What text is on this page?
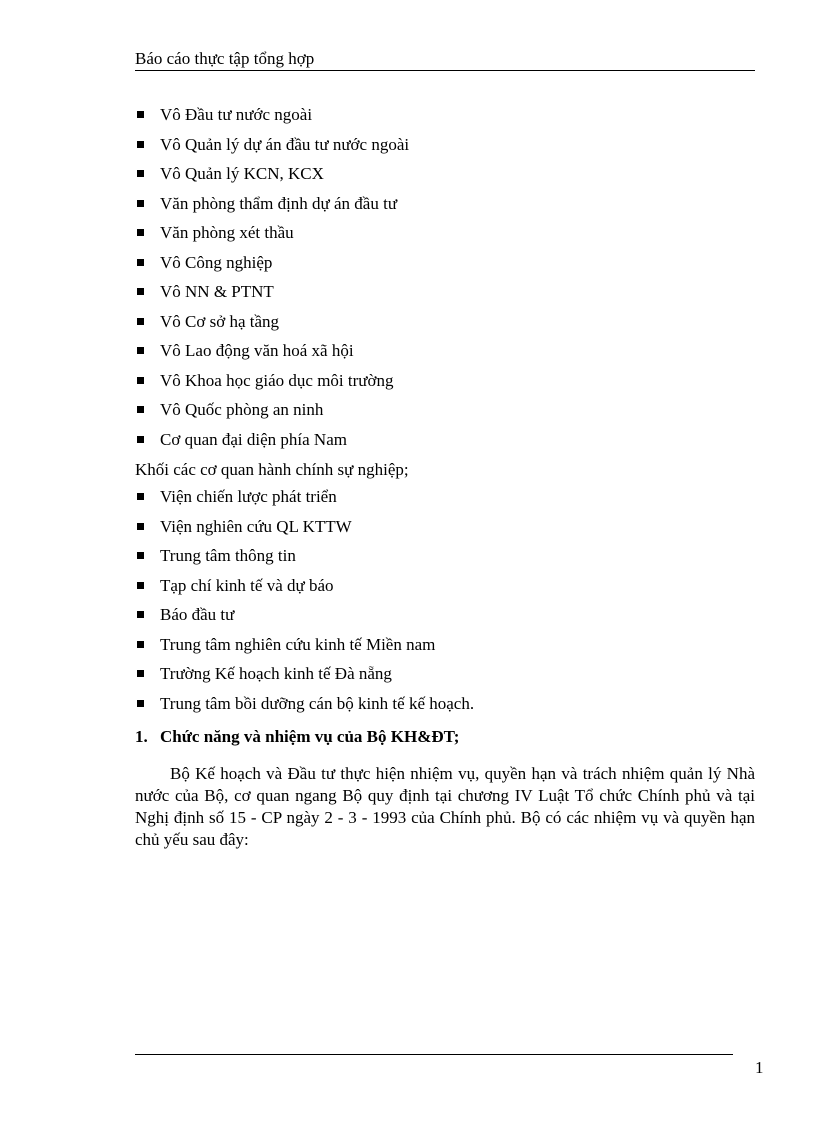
Báo cáo thực tập tổng hợp
Vô Đầu tư nước ngoài
Vô Quản lý dự án đầu tư nước ngoài
Vô Quản lý KCN, KCX
Văn phòng thẩm định dự án đầu tư
Văn phòng xét thầu
Vô Công nghiệp
Vô NN & PTNT
Vô Cơ sở hạ tầng
Vô Lao động văn hoá xã hội
Vô Khoa học giáo dục môi trường
Vô Quốc phòng an ninh
Cơ quan đại diện phía Nam
Khối các cơ quan hành chính sự nghiệp;
Viện chiến lược phát triển
Viện nghiên cứu QL KTTW
Trung tâm thông tin
Tạp chí kinh tế và dự báo
Báo đầu tư
Trung tâm nghiên cứu kinh tế Miền nam
Trường Kế hoạch kinh tế Đà nẵng
Trung tâm bồi dưỡng cán bộ kinh tế kế hoạch.
1. Chức năng và nhiệm vụ của Bộ KH&ĐT;

Bộ Kế hoạch và Đầu tư thực hiện nhiệm vụ, quyền hạn và trách nhiệm quản lý Nhà nước của Bộ, cơ quan ngang Bộ quy định tại chương IV Luật Tổ chức Chính phủ và tại Nghị định số 15 - CP ngày 2 - 3 - 1993 của Chính phủ. Bộ có các nhiệm vụ và quyền hạn chủ yếu sau đây:

1
